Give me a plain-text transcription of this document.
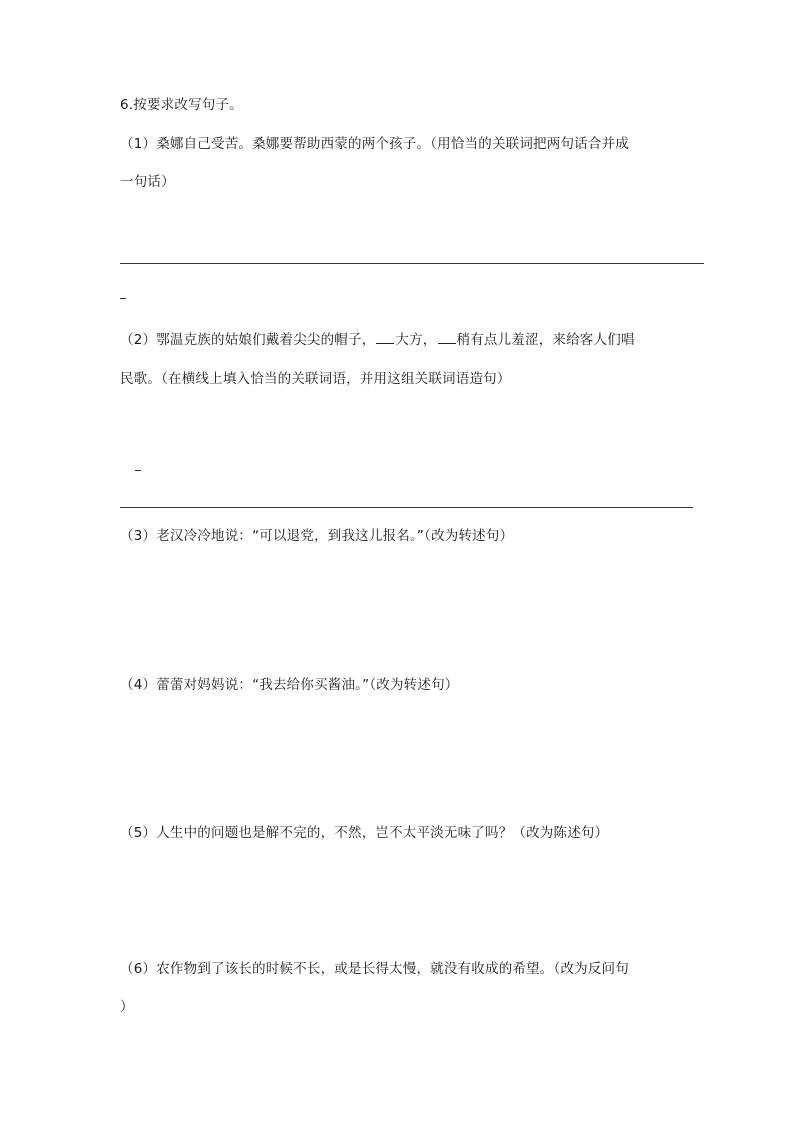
6.按要求改写句子。
（1）桑娜自己受苦。桑娜要帮助西蒙的两个孩子。（用恰当的关联词把两句话合并成
一句话）
（2）鄂温克族的姑娘们戴着尖尖的帽子， 大方， 稍有点儿羞涩，来给客人们唱
民歌。（在横线上填入恰当的关联词语，并用这组关联词语造句）
（3）老汉冷冷地说：“可以退党，到我这儿报名。”（改为转述句）
（4）蕾蕾对妈妈说：“我去给你买酱油。”（改为转述句）
（5）人生中的问题也是解不完的，不然，岂不太平淡无味了吗？（改为陈述句）
（6）农作物到了该长的时候不长，或是长得太慢，就没有收成的希望。（改为反问句
）
